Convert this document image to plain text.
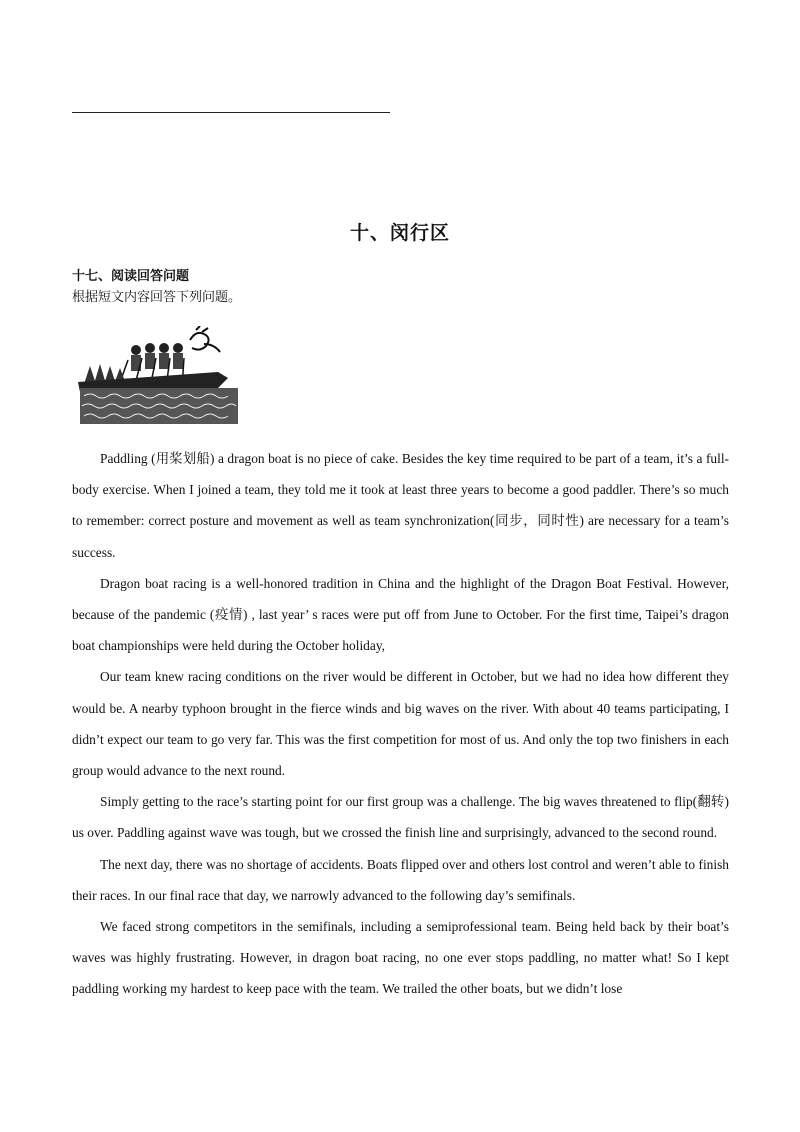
十、闵行区
十七、阅读回答问题
根据短文内容回答下列问题。

Paddling (用桨划船) a dragon boat is no piece of cake. Besides the key time required to be part of a team, it’s a full-body exercise. When I joined a team, they told me it took at least three years to become a good paddler. There’s so much to remember: correct posture and movement as well as team synchronization(同步，同时性) are necessary for a team’s success.

Dragon boat racing is a well-honored tradition in China and the highlight of the Dragon Boat Festival. However, because of the pandemic (疫情) , last year’ s races were put off from June to October. For the first time, Taipei’s dragon boat championships were held during the October holiday,

Our team knew racing conditions on the river would be different in October, but we had no idea how different they would be. A nearby typhoon brought in the fierce winds and big waves on the river. With about 40 teams participating, I didn’t expect our team to go very far. This was the first competition for most of us. And only the top two finishers in each group would advance to the next round.

Simply getting to the race’s starting point for our first group was a challenge. The big waves threatened to flip(翻转) us over. Paddling against wave was tough, but we crossed the finish line and surprisingly, advanced to the second round.

The next day, there was no shortage of accidents. Boats flipped over and others lost control and weren’t able to finish their races. In our final race that day, we narrowly advanced to the following day’s semifinals.

We faced strong competitors in the semifinals, including a semiprofessional team. Being held back by their boat’s waves was highly frustrating. However, in dragon boat racing, no one ever stops paddling, no matter what! So I kept paddling working my hardest to keep pace with the team. We trailed the other boats, but we didn’t lose
